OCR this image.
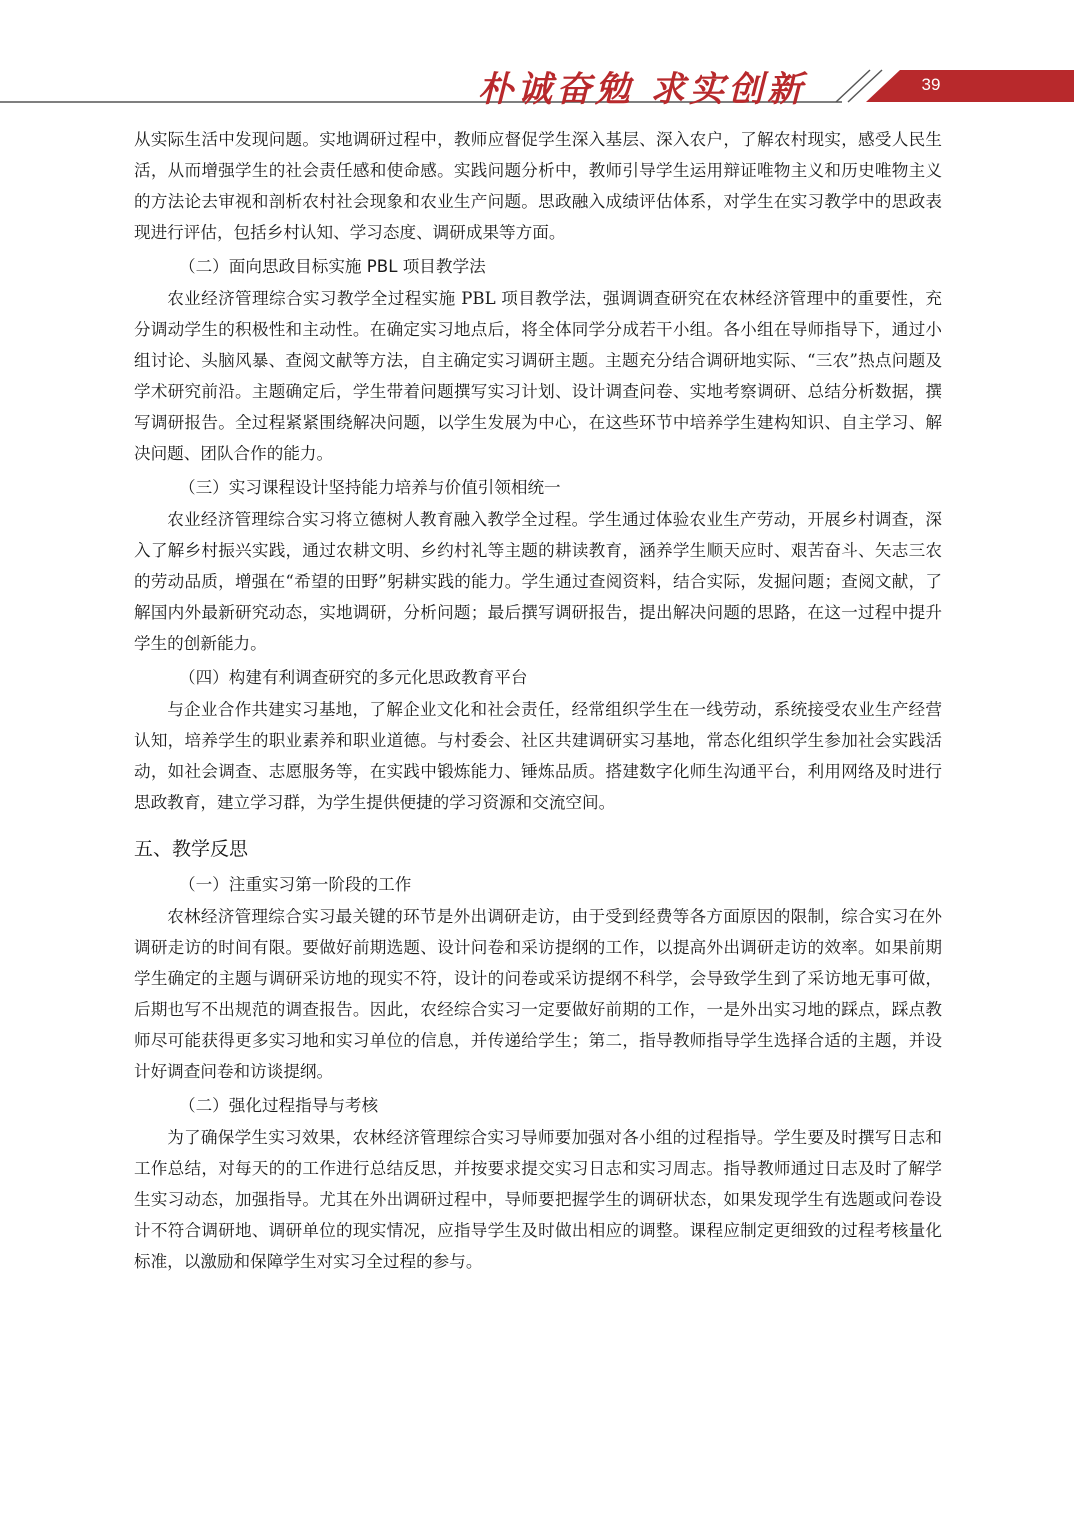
朴诚奋勉 求实创新	39

从实际生活中发现问题。实地调研过程中，教师应督促学生深入基层、深入农户，了解农村现实，感受人民生活，从而增强学生的社会责任感和使命感。实践问题分析中，教师引导学生运用辩证唯物主义和历史唯物主义的方法论去审视和剖析农村社会现象和农业生产问题。思政融入成绩评估体系，对学生在实习教学中的思政表现进行评估，包括乡村认知、学习态度、调研成果等方面。

（二）面向思政目标实施 PBL 项目教学法

农业经济管理综合实习教学全过程实施 PBL 项目教学法，强调调查研究在农林经济管理中的重要性，充分调动学生的积极性和主动性。在确定实习地点后，将全体同学分成若干小组。各小组在导师指导下，通过小组讨论、头脑风暴、查阅文献等方法，自主确定实习调研主题。主题充分结合调研地实际、“三农”热点问题及学术研究前沿。主题确定后，学生带着问题撰写实习计划、设计调查问卷、实地考察调研、总结分析数据，撰写调研报告。全过程紧紧围绕解决问题，以学生发展为中心，在这些环节中培养学生建构知识、自主学习、解决问题、团队合作的能力。

（三）实习课程设计坚持能力培养与价值引领相统一

农业经济管理综合实习将立德树人教育融入教学全过程。学生通过体验农业生产劳动，开展乡村调查，深入了解乡村振兴实践，通过农耕文明、乡约村礼等主题的耕读教育，涵养学生顺天应时、艰苦奋斗、矢志三农的劳动品质，增强在“希望的田野”躬耕实践的能力。学生通过查阅资料，结合实际，发掘问题；查阅文献，了解国内外最新研究动态，实地调研，分析问题；最后撰写调研报告，提出解决问题的思路，在这一过程中提升学生的创新能力。

（四）构建有利调查研究的多元化思政教育平台

与企业合作共建实习基地，了解企业文化和社会责任，经常组织学生在一线劳动，系统接受农业生产经营认知，培养学生的职业素养和职业道德。与村委会、社区共建调研实习基地，常态化组织学生参加社会实践活动，如社会调查、志愿服务等，在实践中锻炼能力、锤炼品质。搭建数字化师生沟通平台，利用网络及时进行思政教育，建立学习群，为学生提供便捷的学习资源和交流空间。

五、教学反思
（一）注重实习第一阶段的工作

农林经济管理综合实习最关键的环节是外出调研走访，由于受到经费等各方面原因的限制，综合实习在外调研走访的时间有限。要做好前期选题、设计问卷和采访提纲的工作，以提高外出调研走访的效率。如果前期学生确定的主题与调研采访地的现实不符，设计的问卷或采访提纲不科学，会导致学生到了采访地无事可做，后期也写不出规范的调查报告。因此，农经综合实习一定要做好前期的工作，一是外出实习地的踩点，踩点教师尽可能获得更多实习地和实习单位的信息，并传递给学生；第二，指导教师指导学生选择合适的主题，并设计好调查问卷和访谈提纲。

（二）强化过程指导与考核

为了确保学生实习效果，农林经济管理综合实习导师要加强对各小组的过程指导。学生要及时撰写日志和工作总结，对每天的的工作进行总结反思，并按要求提交实习日志和实习周志。指导教师通过日志及时了解学生实习动态，加强指导。尤其在外出调研过程中，导师要把握学生的调研状态，如果发现学生有选题或问卷设计不符合调研地、调研单位的现实情况，应指导学生及时做出相应的调整。课程应制定更细致的过程考核量化标准，以激励和保障学生对实习全过程的参与。
